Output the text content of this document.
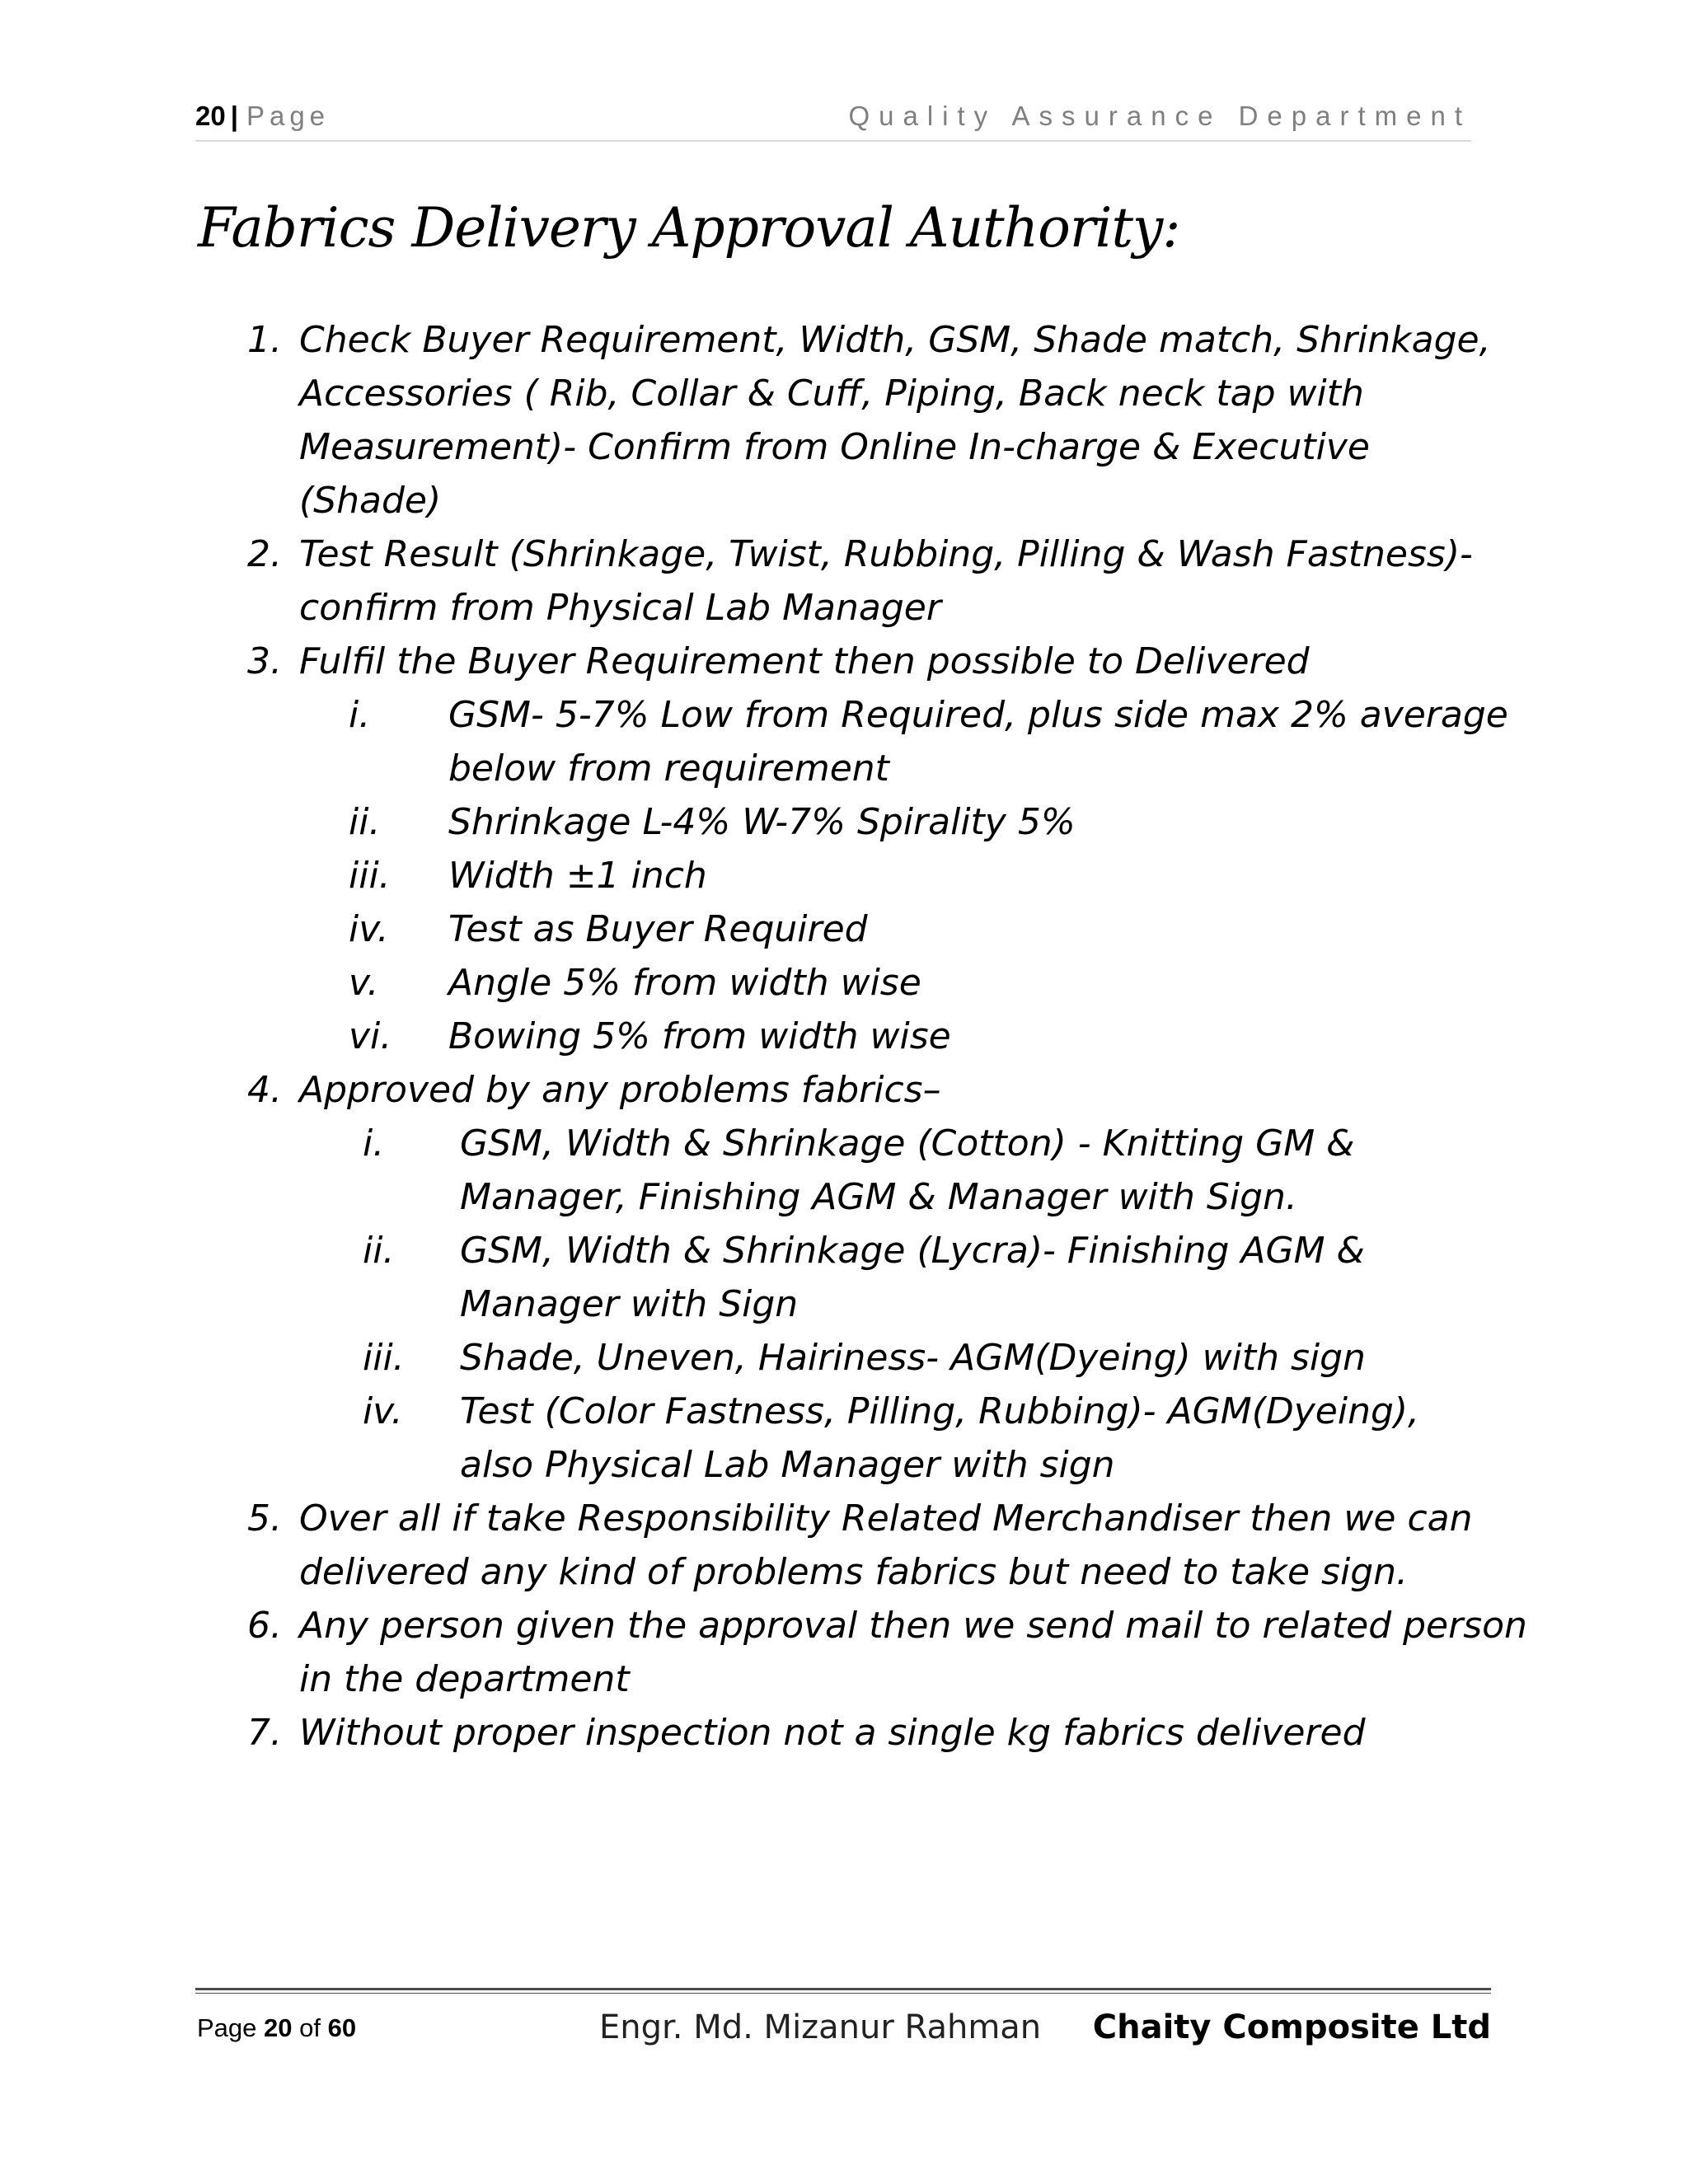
20 | Page	Quality Assurance Department
Fabrics Delivery Approval Authority:
1. Check Buyer Requirement, Width, GSM, Shade match, Shrinkage,
Accessories ( Rib, Collar & Cuff, Piping, Back neck tap with
Measurement)- Confirm from Online In-charge & Executive
(Shade)
2. Test Result (Shrinkage, Twist, Rubbing, Pilling & Wash Fastness)-
confirm from Physical Lab Manager
3. Fulfil the Buyer Requirement then possible to Delivered
i. GSM- 5-7% Low from Required, plus side max 2% average
below from requirement
ii. Shrinkage L-4% W-7% Spirality 5%
iii. Width ±1 inch
iv. Test as Buyer Required
v. Angle 5% from width wise
vi. Bowing 5% from width wise
4. Approved by any problems fabrics–
i. GSM, Width & Shrinkage (Cotton) - Knitting GM &
Manager, Finishing AGM & Manager with Sign.
ii. GSM, Width & Shrinkage (Lycra)- Finishing AGM &
Manager with Sign
iii. Shade, Uneven, Hairiness- AGM(Dyeing) with sign
iv. Test (Color Fastness, Pilling, Rubbing)- AGM(Dyeing),
also Physical Lab Manager with sign
5. Over all if take Responsibility Related Merchandiser then we can
delivered any kind of problems fabrics but need to take sign.
6. Any person given the approval then we send mail to related person
in the department
7. Without proper inspection not a single kg fabrics delivered
Page 20 of 60	Engr. Md. Mizanur Rahman Chaity Composite Ltd
